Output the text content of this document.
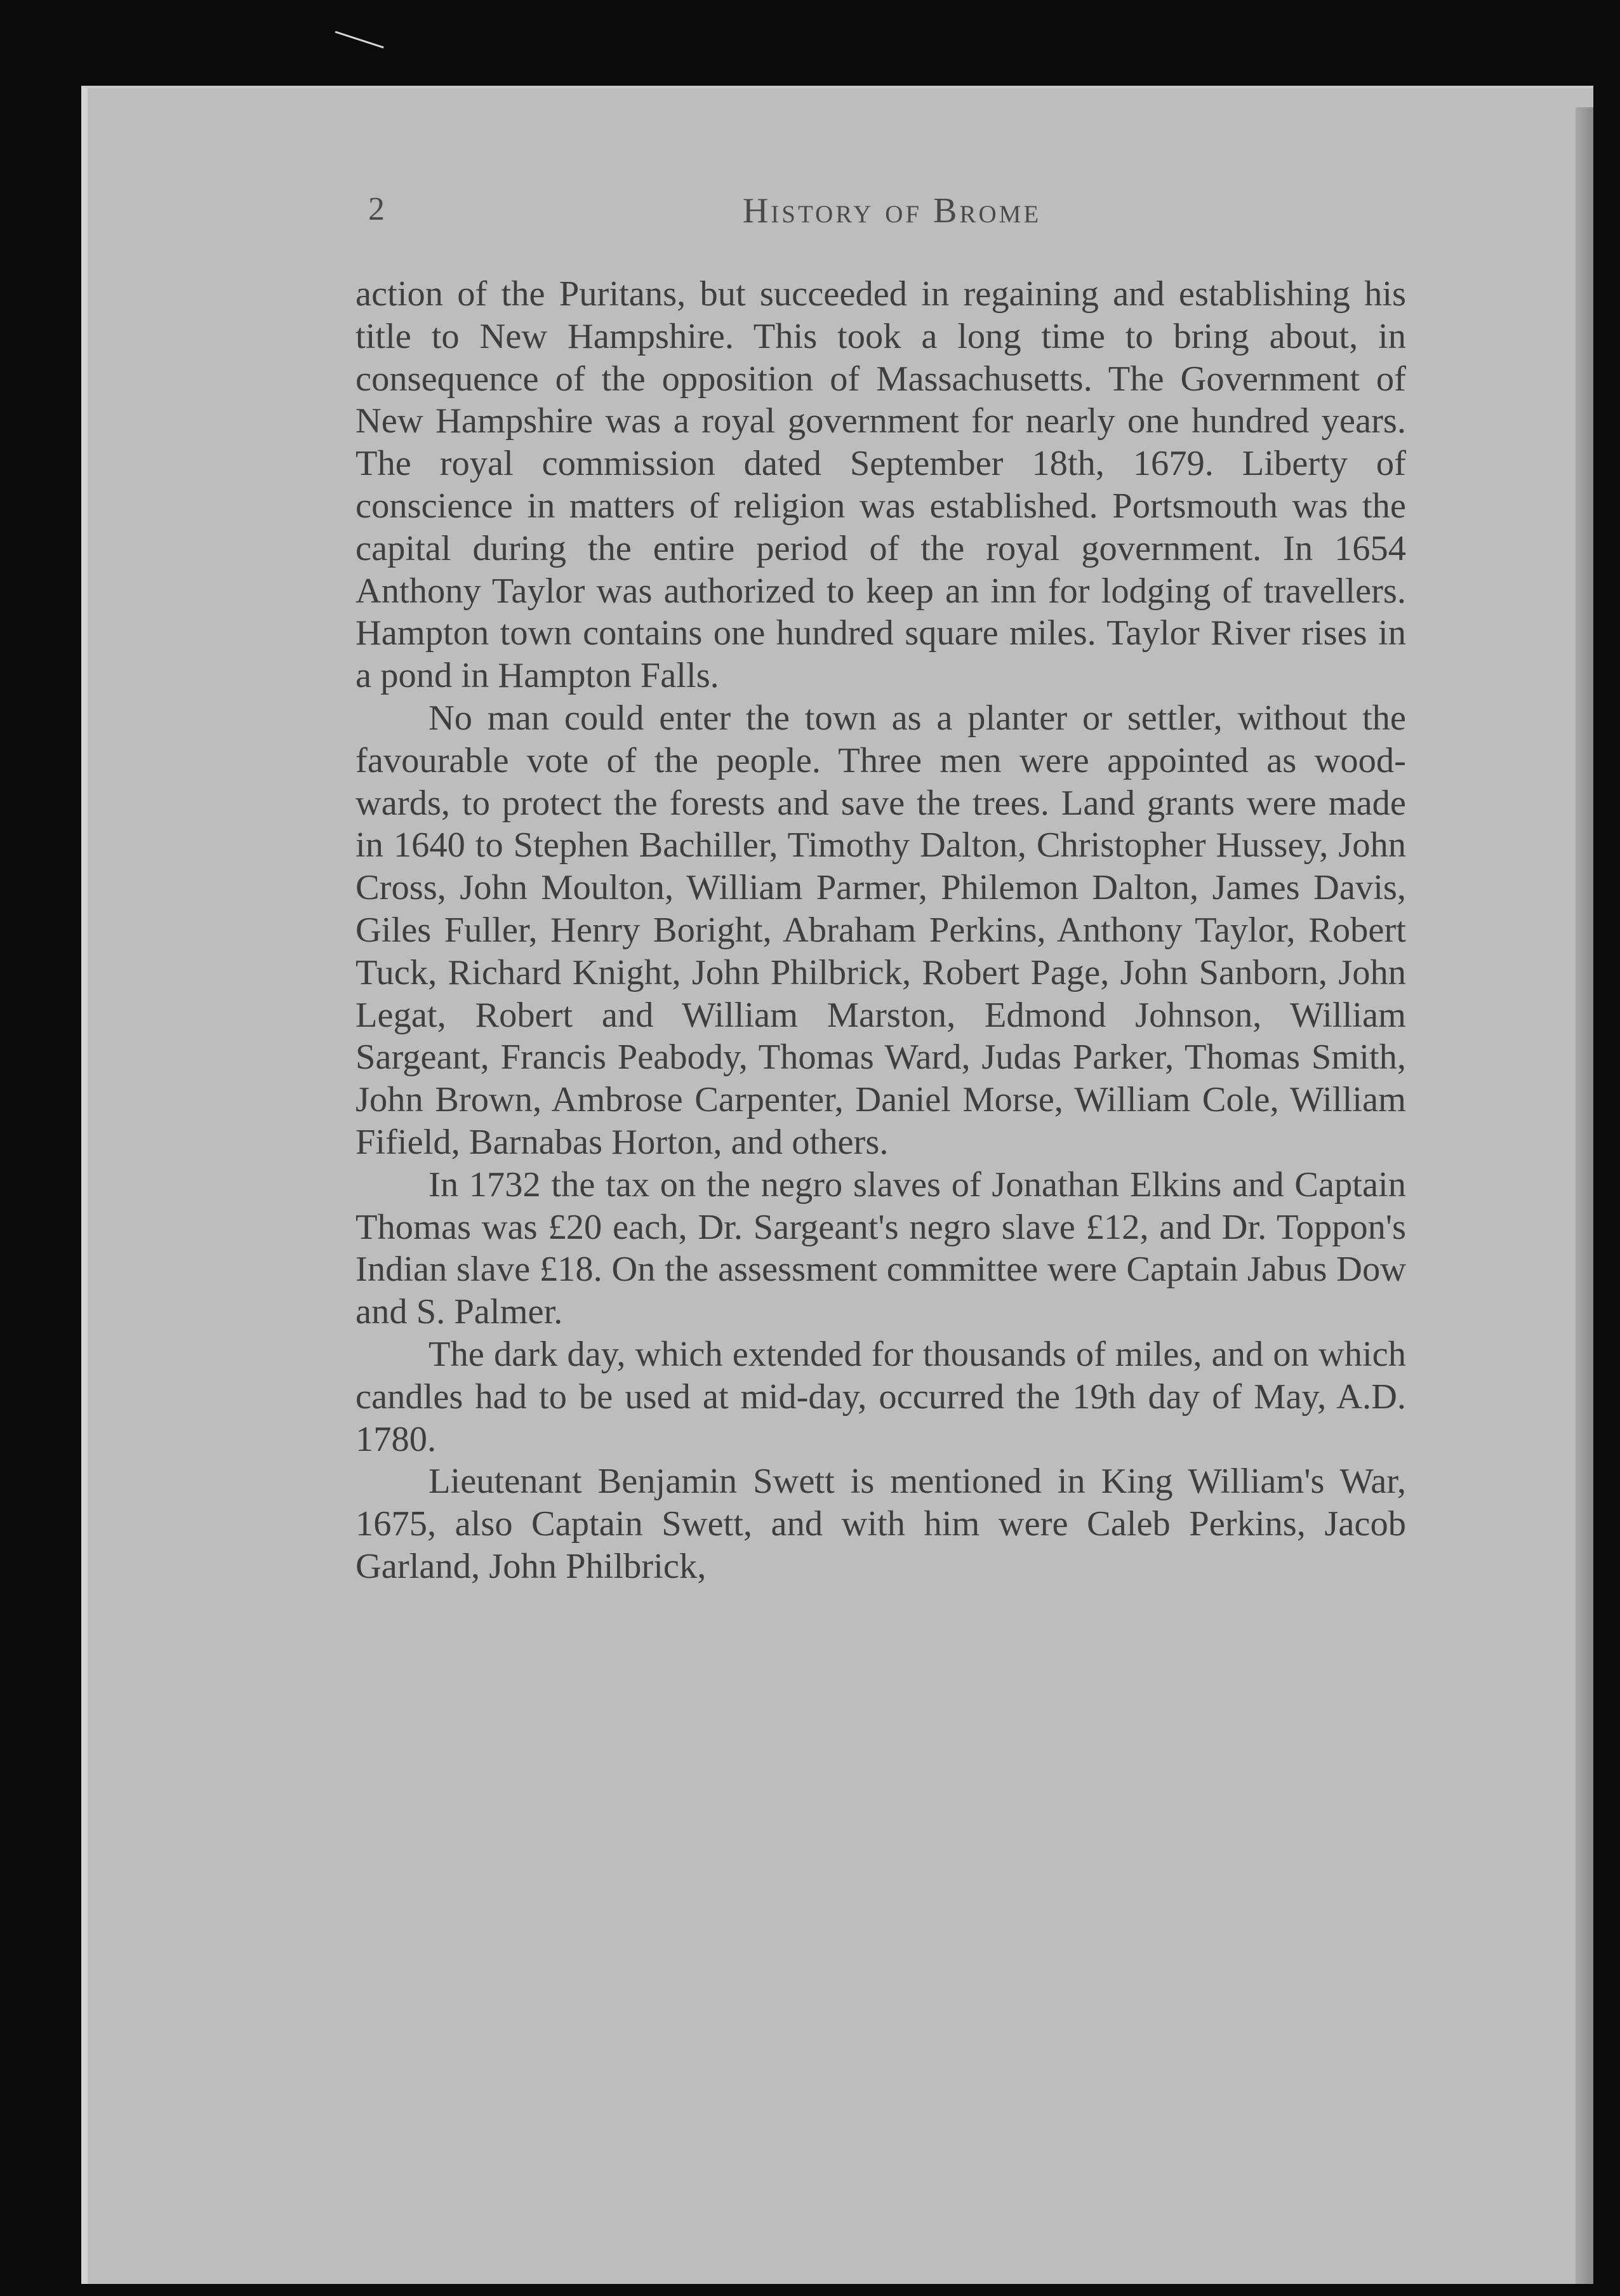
2	History of Brome

action of the Puritans, but succeeded in regaining and establishing his title to New Hampshire. This took a long time to bring about, in consequence of the opposition of Massachusetts. The Government of New Hampshire was a royal government for nearly one hundred years. The royal commission dated September 18th, 1679. Liberty of conscience in matters of religion was established. Portsmouth was the capital during the entire period of the royal government. In 1654 Anthony Taylor was authorized to keep an inn for lodging of travellers. Hampton town contains one hundred square miles. Taylor River rises in a pond in Hampton Falls.

No man could enter the town as a planter or settler, without the favourable vote of the people. Three men were appointed as wood-wards, to protect the forests and save the trees. Land grants were made in 1640 to Stephen Bachiller, Timothy Dalton, Christopher Hussey, John Cross, John Moulton, William Parmer, Philemon Dalton, James Davis, Giles Fuller, Henry Boright, Abraham Perkins, Anthony Taylor, Robert Tuck, Richard Knight, John Philbrick, Robert Page, John Sanborn, John Legat, Robert and William Marston, Edmond Johnson, William Sargeant, Francis Peabody, Thomas Ward, Judas Parker, Thomas Smith, John Brown, Ambrose Carpenter, Daniel Morse, William Cole, William Fifield, Barnabas Horton, and others.

In 1732 the tax on the negro slaves of Jonathan Elkins and Captain Thomas was £20 each, Dr. Sargeant's negro slave £12, and Dr. Toppon's Indian slave £18. On the assessment committee were Captain Jabus Dow and S. Palmer.

The dark day, which extended for thousands of miles, and on which candles had to be used at mid-day, occurred the 19th day of May, A.D. 1780.

Lieutenant Benjamin Swett is mentioned in King William's War, 1675, also Captain Swett, and with him were Caleb Perkins, Jacob Garland, John Philbrick,
